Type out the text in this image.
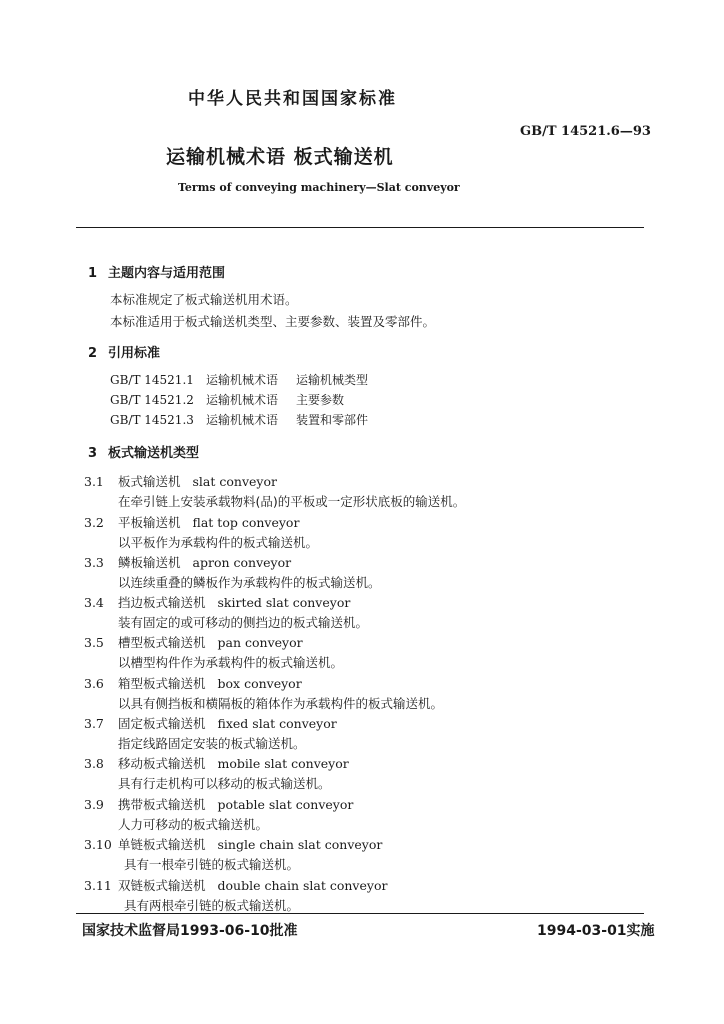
中华人民共和国国家标准
GB/T 14521.6—93
运输机械术语 板式输送机
Terms of conveying machinery—Slat conveyor
1 主题内容与适用范围
本标准规定了板式输送机用术语。
本标准适用于板式输送机类型、主要参数、装置及零部件。
2 引用标准
GB/T 14521.1 运输机械术语 运输机械类型
GB/T 14521.2 运输机械术语 主要参数
GB/T 14521.3 运输机械术语 装置和零部件
3 板式输送机类型
3.1 板式输送机 slat conveyor
在牵引链上安装承载物料(品)的平板或一定形状底板的输送机。
3.2 平板输送机 flat top conveyor
以平板作为承载构件的板式输送机。
3.3 鳞板输送机 apron conveyor
以连续重叠的鳞板作为承载构件的板式输送机。
3.4 挡边板式输送机 skirted slat conveyor
装有固定的或可移动的侧挡边的板式输送机。
3.5 槽型板式输送机 pan conveyor
以槽型构件作为承载构件的板式输送机。
3.6 箱型板式输送机 box conveyor
以具有侧挡板和横隔板的箱体作为承载构件的板式输送机。
3.7 固定板式输送机 fixed slat conveyor
指定线路固定安装的板式输送机。
3.8 移动板式输送机 mobile slat conveyor
具有行走机构可以移动的板式输送机。
3.9 携带板式输送机 potable slat conveyor
人力可移动的板式输送机。
3.10 单链板式输送机 single chain slat conveyor
具有一根牵引链的板式输送机。
3.11 双链板式输送机 double chain slat conveyor
具有两根牵引链的板式输送机。
国家技术监督局1993-06-10批准	1994-03-01实施
